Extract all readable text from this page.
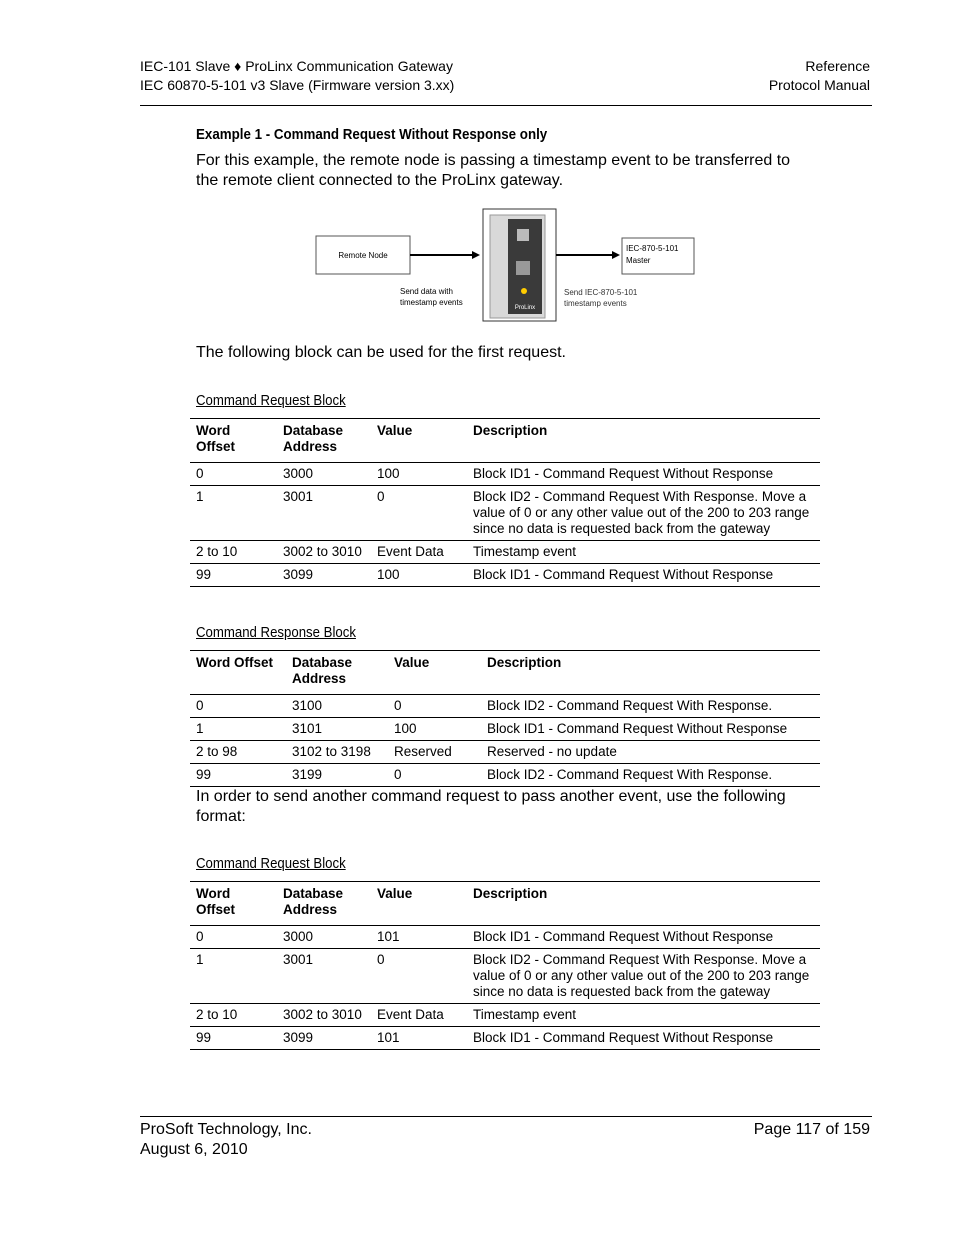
IEC-101 Slave ♦ ProLinx Communication Gateway
IEC 60870-5-101 v3 Slave (Firmware version 3.xx)
Reference
Protocol Manual
Example 1 - Command Request Without Response only
For this example, the remote node is passing a timestamp event to be transferred to the remote client connected to the ProLinx gateway.
Remote Node
Send data with
timestamp events
ProLinx
IEC-870-5-101
Master
Send IEC-870-5-101
timestamp events
The following block can be used for the first request.
Command Request Block
Word Offset	Database Address	Value	Description
0	3000	100	Block ID1 - Command Request Without Response
1	3001	0	Block ID2 - Command Request With Response. Move a value of 0 or any other value out of the 200 to 203 range since no data is requested back from the gateway
2 to 10	3002 to 3010	Event Data	Timestamp event
99	3099	100	Block ID1 - Command Request Without Response
Command Response Block
Word Offset	Database Address	Value	Description
0	3100	0	Block ID2 - Command Request With Response.
1	3101	100	Block ID1 - Command Request Without Response
2 to 98	3102 to 3198	Reserved	Reserved - no update
99	3199	0	Block ID2 - Command Request With Response.
In order to send another command request to pass another event, use the following format:
Command Request Block
Word Offset	Database Address	Value	Description
0	3000	101	Block ID1 - Command Request Without Response
1	3001	0	Block ID2 - Command Request With Response. Move a value of 0 or any other value out of the 200 to 203 range since no data is requested back from the gateway
2 to 10	3002 to 3010	Event Data	Timestamp event
99	3099	101	Block ID1 - Command Request Without Response
ProSoft Technology, Inc.
August 6, 2010
Page 117 of 159
